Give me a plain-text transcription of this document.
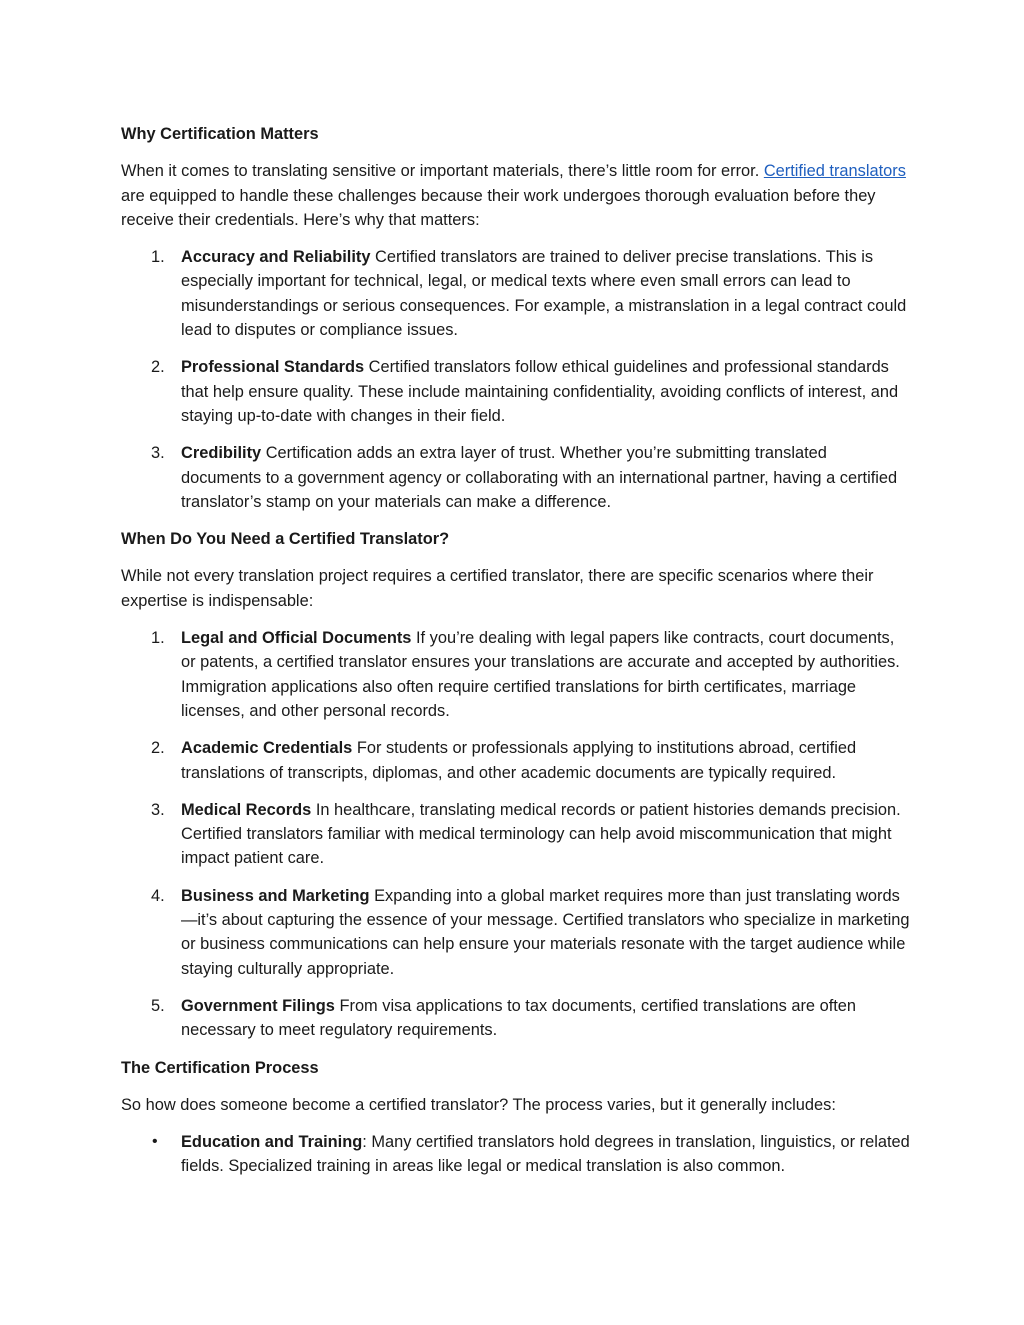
Why Certification Matters

When it comes to translating sensitive or important materials, there’s little room for error. Certified translators are equipped to handle these challenges because their work undergoes thorough evaluation before they receive their credentials. Here’s why that matters:

1. Accuracy and Reliability Certified translators are trained to deliver precise translations. This is especially important for technical, legal, or medical texts where even small errors can lead to misunderstandings or serious consequences. For example, a mistranslation in a legal contract could lead to disputes or compliance issues.
2. Professional Standards Certified translators follow ethical guidelines and professional standards that help ensure quality. These include maintaining confidentiality, avoiding conflicts of interest, and staying up-to-date with changes in their field.
3. Credibility Certification adds an extra layer of trust. Whether you’re submitting translated documents to a government agency or collaborating with an international partner, having a certified translator’s stamp on your materials can make a difference.
When Do You Need a Certified Translator?

While not every translation project requires a certified translator, there are specific scenarios where their expertise is indispensable:

1. Legal and Official Documents If you’re dealing with legal papers like contracts, court documents, or patents, a certified translator ensures your translations are accurate and accepted by authorities. Immigration applications also often require certified translations for birth certificates, marriage licenses, and other personal records.
2. Academic Credentials For students or professionals applying to institutions abroad, certified translations of transcripts, diplomas, and other academic documents are typically required.
3. Medical Records In healthcare, translating medical records or patient histories demands precision. Certified translators familiar with medical terminology can help avoid miscommunication that might impact patient care.
4. Business and Marketing Expanding into a global market requires more than just translating words—it’s about capturing the essence of your message. Certified translators who specialize in marketing or business communications can help ensure your materials resonate with the target audience while staying culturally appropriate.
5. Government Filings From visa applications to tax documents, certified translations are often necessary to meet regulatory requirements.
The Certification Process

So how does someone become a certified translator? The process varies, but it generally includes:

• Education and Training: Many certified translators hold degrees in translation, linguistics, or related fields. Specialized training in areas like legal or medical translation is also common.
